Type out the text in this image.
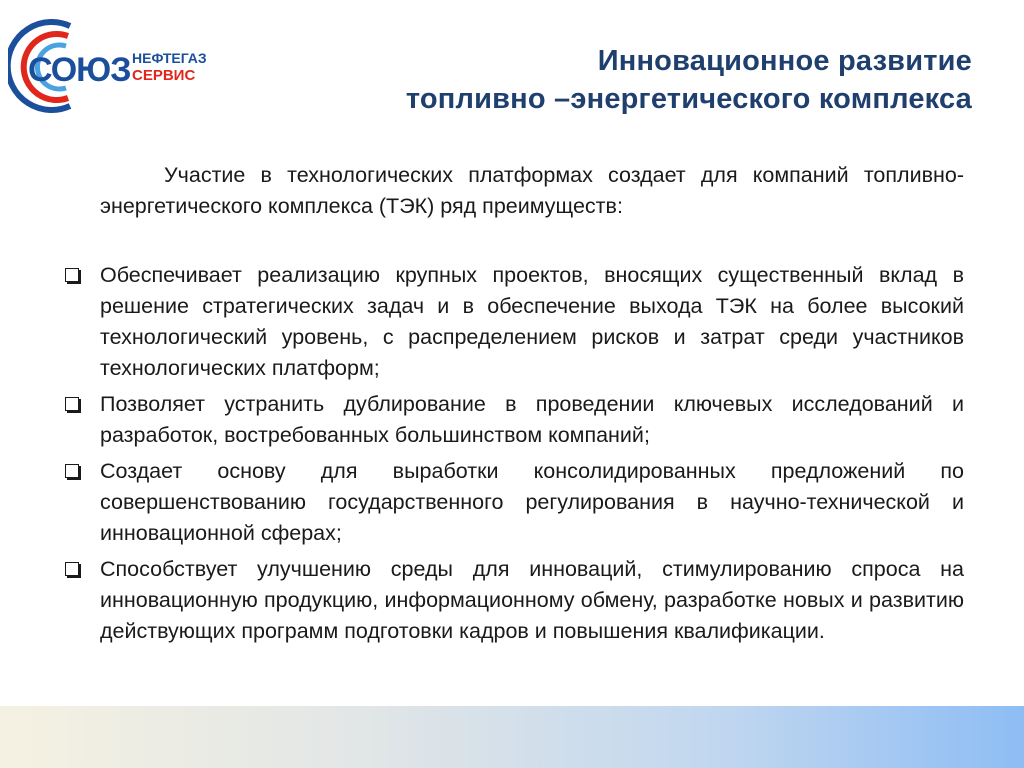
СОЮЗ НЕФТЕГАЗ
СЕРВИС	Инновационное развитие
топливно –энергетического комплекса

Участие в технологических платформах создает для компаний топливно-энергетического комплекса (ТЭК) ряд преимуществ:

Обеспечивает реализацию крупных проектов, вносящих существенный вклад в решение стратегических задач и в обеспечение выхода ТЭК на более высокий технологический уровень, с распределением рисков и затрат среди участников технологических платформ;
Позволяет устранить дублирование в проведении ключевых исследований и разработок, востребованных большинством компаний;
Создает основу для выработки консолидированных предложений по совершенствованию государственного регулирования в научно-технической и инновационной сферах;
Способствует улучшению среды для инноваций, стимулированию спроса на инновационную продукцию, информационному обмену, разработке новых и развитию действующих программ подготовки кадров и повышения квалификации.
